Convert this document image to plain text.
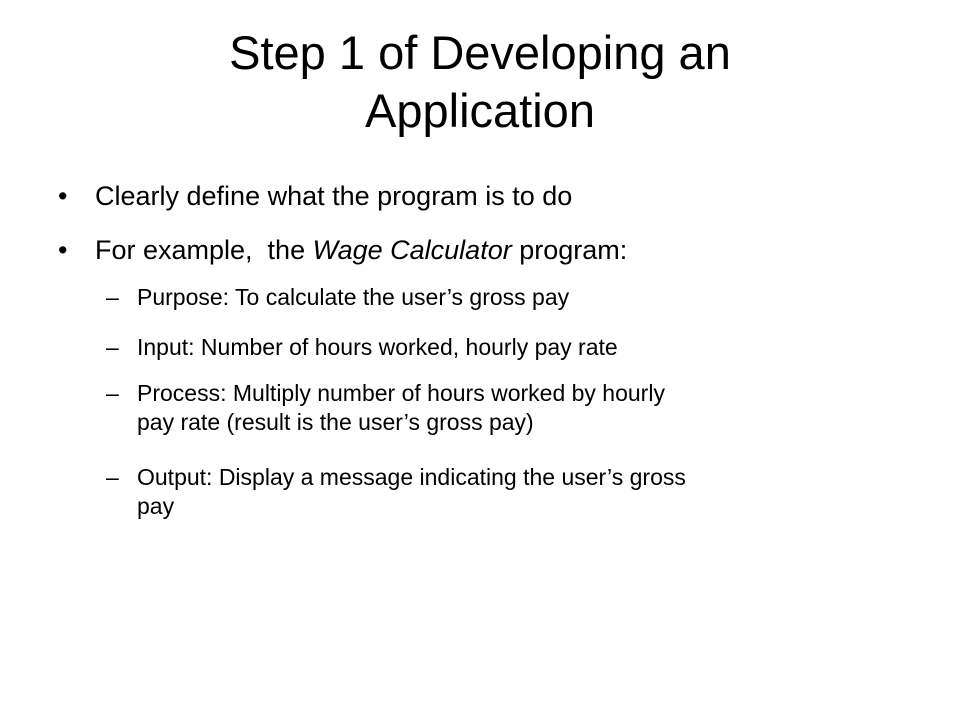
Step 1 of Developing an
Application
• Clearly define what the program is to do
• For example,  the Wage Calculator program:
– Purpose: To calculate the user’s gross pay
– Input: Number of hours worked, hourly pay rate
– Process: Multiply number of hours worked by hourly
pay rate (result is the user’s gross pay)
– Output: Display a message indicating the user’s gross
pay
